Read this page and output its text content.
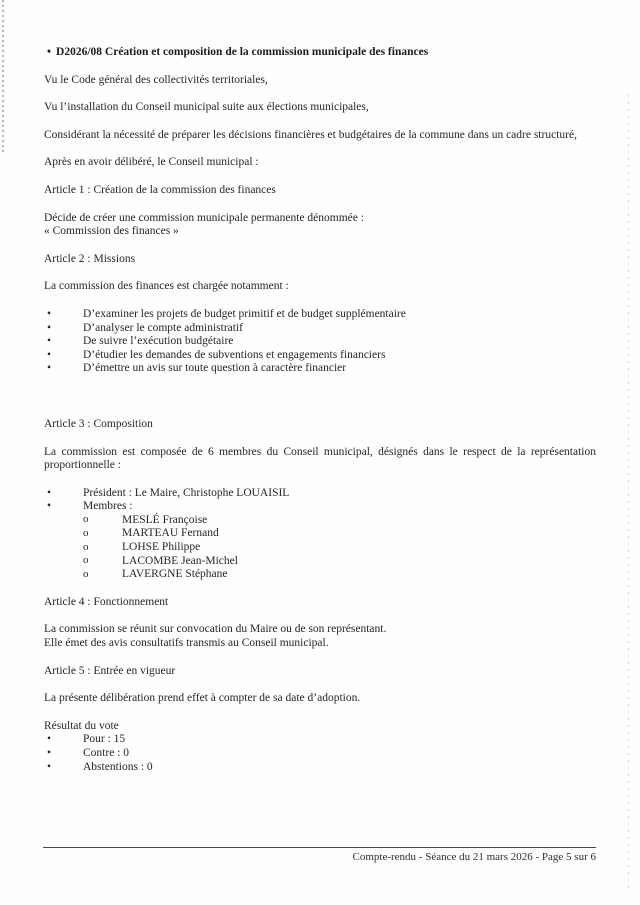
• D2026/08 Création et composition de la commission municipale des finances

Vu le Code général des collectivités territoriales,

Vu l’installation du Conseil municipal suite aux élections municipales,

Considérant la nécessité de préparer les décisions financières et budgétaires de la commune dans un cadre structuré,

Après en avoir délibéré, le Conseil municipal :

Article 1 : Création de la commission des finances

Décide de créer une commission municipale permanente dénommée :
« Commission des finances »

Article 2 : Missions

La commission des finances est chargée notamment :

•	D’examiner les projets de budget primitif et de budget supplémentaire
•	D’analyser le compte administratif
•	De suivre l’exécution budgétaire
•	D’étudier les demandes de subventions et engagements financiers
•	D’émettre un avis sur toute question à caractère financier

Article 3 : Composition

La commission est composée de 6 membres du Conseil municipal, désignés dans le respect de la représentation proportionnelle :

•	Président : Le Maire, Christophe LOUAISIL
•	Membres :
o	MESLÉ Françoise
o	MARTEAU Fernand
o	LOHSE Philippe
o	LACOMBE Jean-Michel
o	LAVERGNE Stéphane

Article 4 : Fonctionnement

La commission se réunit sur convocation du Maire ou de son représentant.
Elle émet des avis consultatifs transmis au Conseil municipal.

Article 5 : Entrée en vigueur

La présente délibération prend effet à compter de sa date d’adoption.

Résultat du vote
•	Pour : 15
•	Contre : 0
•	Abstentions : 0
Compte-rendu - Séance du 21 mars 2026 - Page 5 sur 6
